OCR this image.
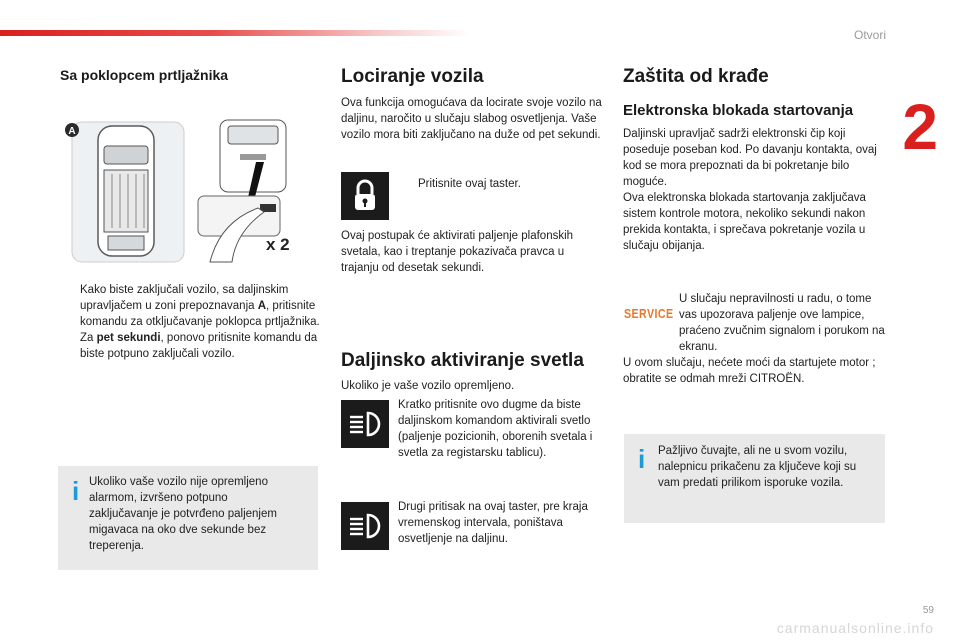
Otvori
2
Sa poklopcem prtljažnika
A
x 2

Kako biste zaključali vozilo, sa daljinskim upravljačem u zoni prepoznavanja A, pritisnite komandu za otključavanje poklopca prtljažnika.

Za pet sekundi, ponovo pritisnite komandu da biste potpuno zaključali vozilo.

i Ukoliko vaše vozilo nije opremljeno alarmom, izvršeno potpuno zaključavanje je potvrđeno paljenjem migavaca na oko dve sekunde bez treperenja.

Lociranje vozila

Ova funkcija omogućava da locirate svoje vozilo na daljinu, naročito u slučaju slabog osvetljenja. Vaše vozilo mora biti zaključano na duže od pet sekundi.

Pritisnite ovaj taster.

Ovaj postupak će aktivirati paljenje plafonskih svetala, kao i treptanje pokazivača pravca u trajanju od desetak sekundi.

Daljinsko aktiviranje svetla

Ukoliko je vaše vozilo opremljeno.

Kratko pritisnite ovo dugme da biste daljinskom komandom aktivirali svetlo (paljenje pozicionih, oborenih svetala i svetla za registarsku tablicu).

Drugi pritisak na ovaj taster, pre kraja vremenskog intervala, poništava osvetljenje na daljinu.

Zaštita od krađe
Elektronska blokada startovanja

Daljinski upravljač sadrži elektronski čip koji poseduje poseban kod. Po davanju kontakta, ovaj kod se mora prepoznati da bi pokretanje bilo moguće.
Ova elektronska blokada startovanja zaključava sistem kontrole motora, nekoliko sekundi nakon prekida kontakta, i sprečava pokretanje vozila u slučaju obijanja.

SERVICE

U slučaju nepravilnosti u radu, o tome vas upozorava paljenje ove lampice, praćeno zvučnim signalom i porukom na ekranu.

U ovom slučaju, nećete moći da startujete motor ; obratite se odmah mreži CITROËN.

i Pažljivo čuvajte, ali ne u svom vozilu, nalepnicu prikačenu za ključeve koji su vam predati prilikom isporuke vozila.

59
carmanualsonline.info
